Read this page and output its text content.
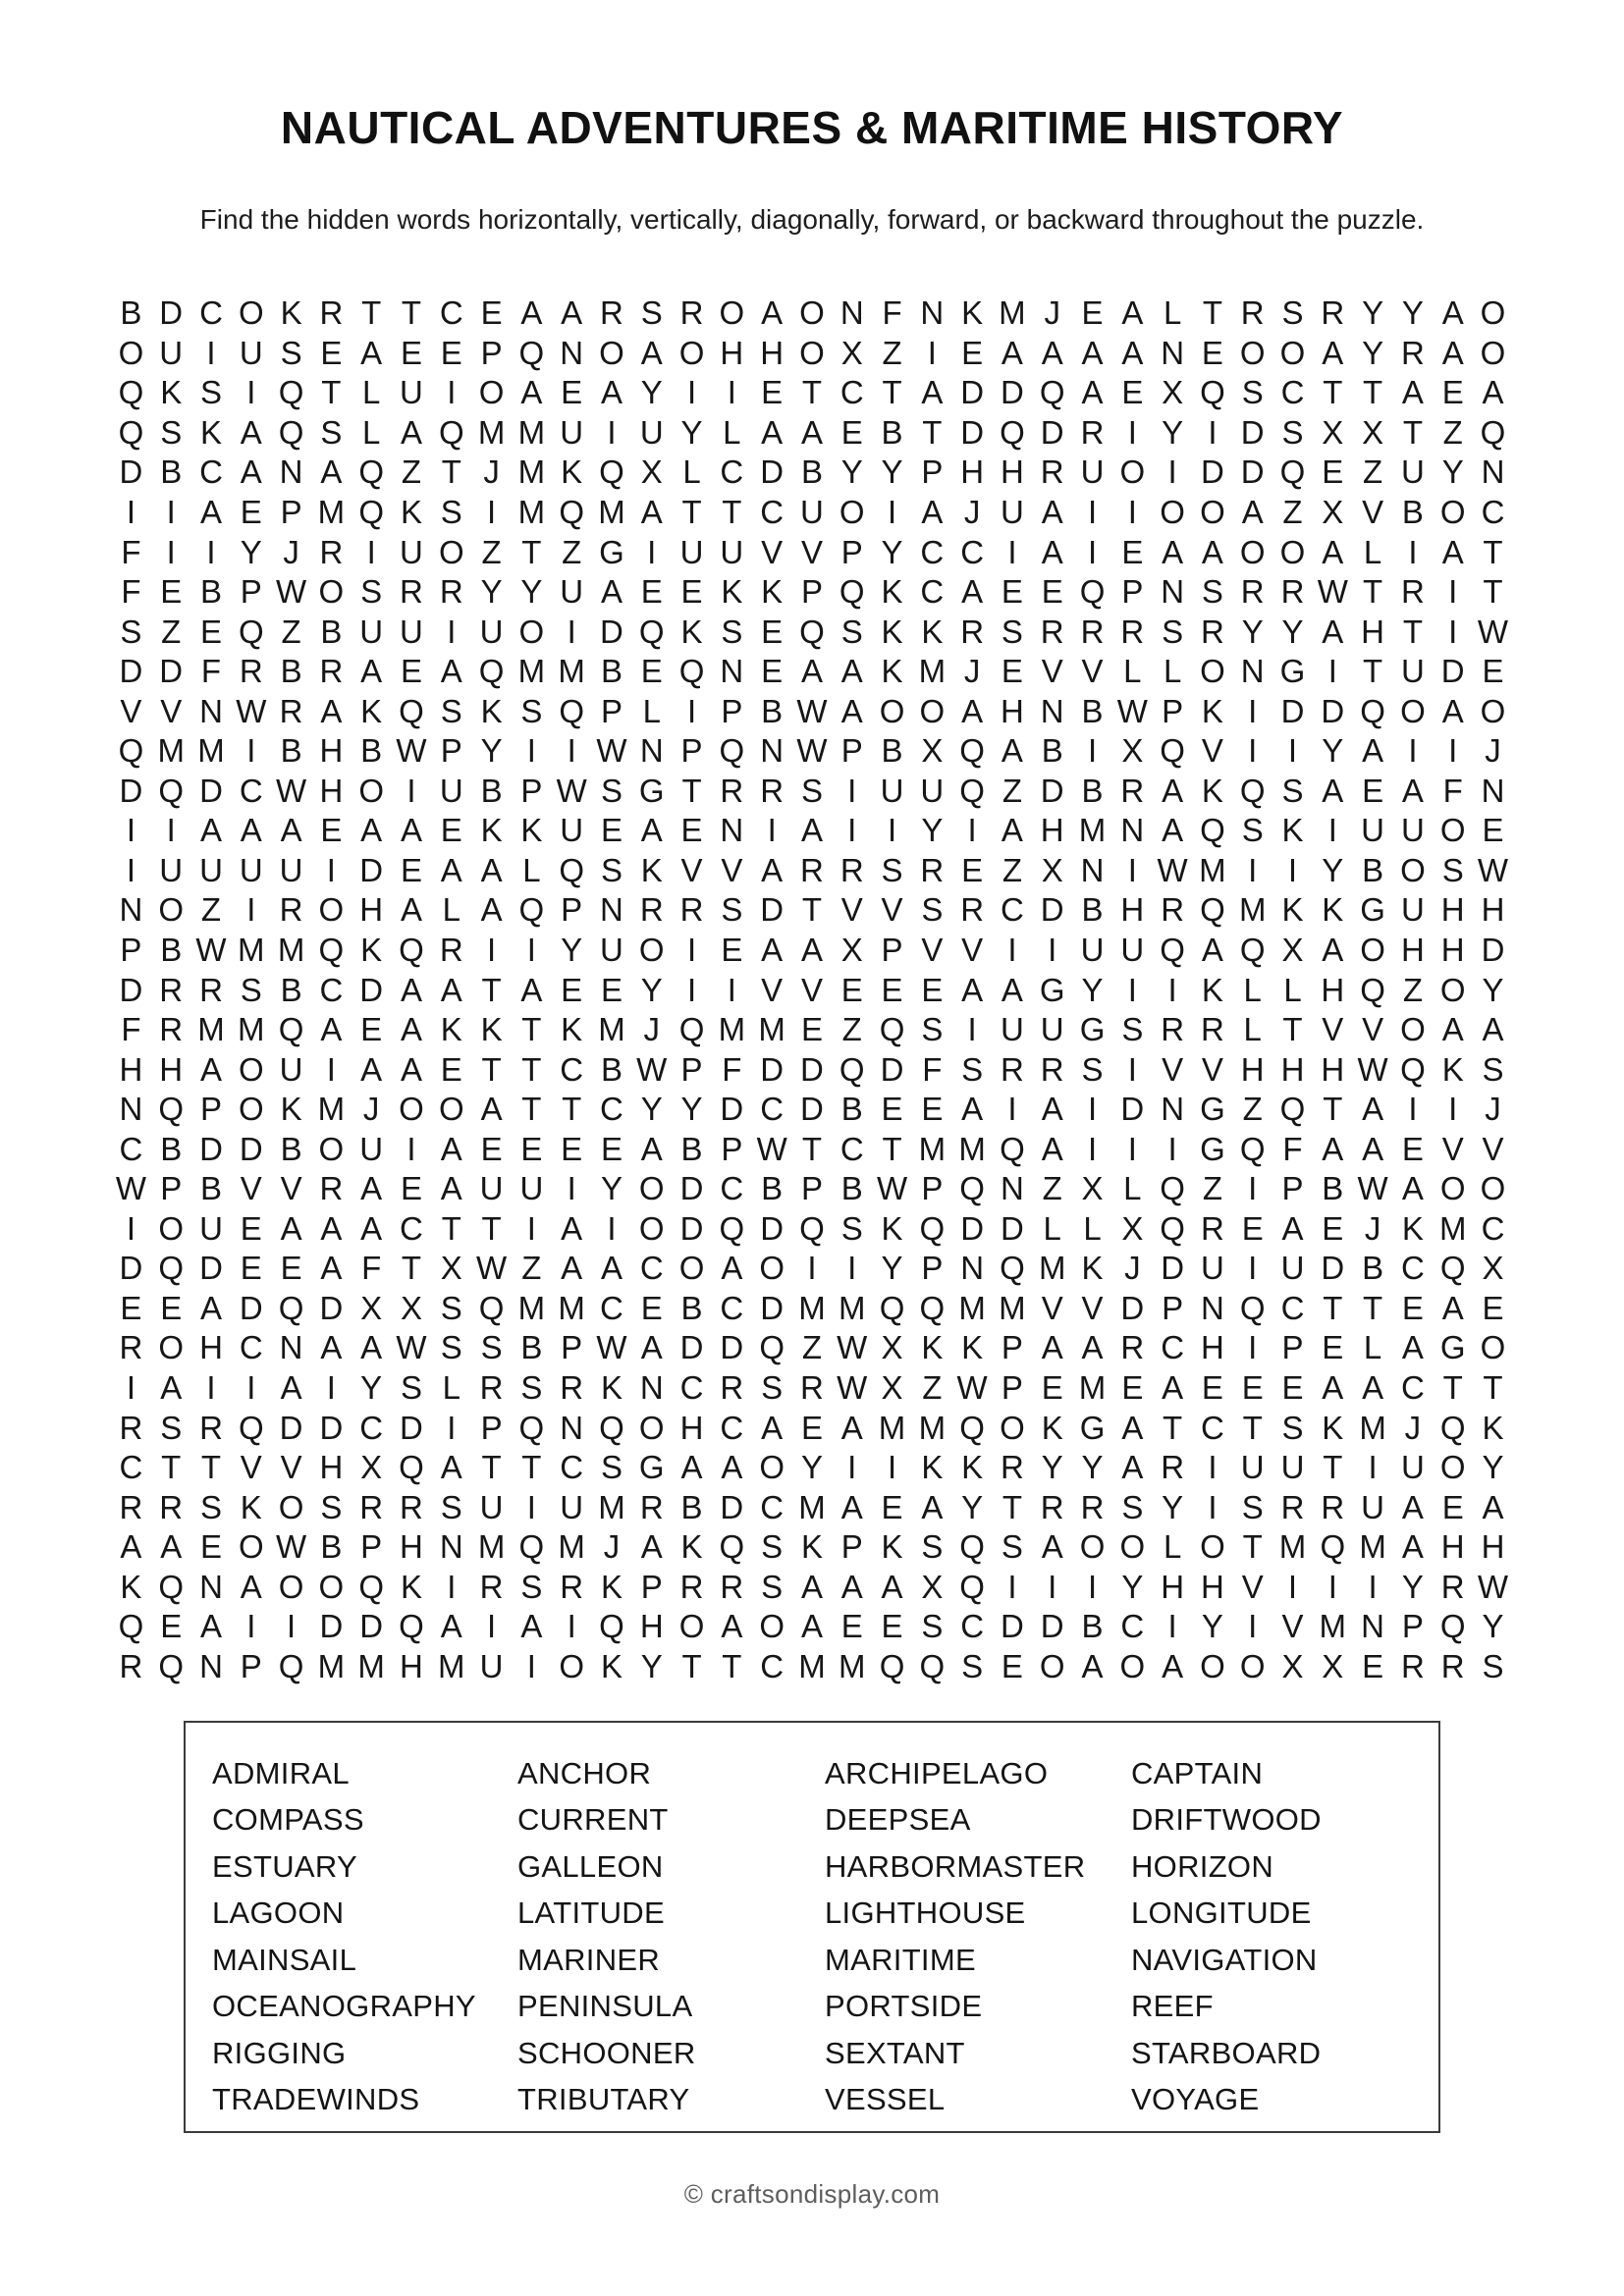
NAUTICAL ADVENTURES & MARITIME HISTORY

Find the hidden words horizontally, vertically, diagonally, forward, or backward throughout the puzzle.

B D C O K R T T C E A A R S R O A O N F N K M J E A L T R S R Y Y A O
O U I U S E A E E P Q N O A O H H O X Z I E A A A A N E O O A Y R A O
Q K S I Q T L U I O A E A Y I I E T C T A D D Q A E X Q S C T T A E A
Q S K A Q S L A Q M M U I U Y L A A E B T D Q D R I Y I D S X X T Z Q
D B C A N A Q Z T J M K Q X L C D B Y Y P H H R U O I D D Q E Z U Y N
I I A E P M Q K S I M Q M A T T C U O I A J U A I I O O A Z X V B O C
F I I Y J R I U O Z T Z G I U U V V P Y C C I A I E A A O O A L I A T
F E B P W O S R R Y Y U A E E K K P Q K C A E E Q P N S R R W T R I T
S Z E Q Z B U U I U O I D Q K S E Q S K K R S R R R S R Y Y A H T I W
D D F R B R A E A Q M M B E Q N E A A K M J E V V L L O N G I T U D E
V V N W R A K Q S K S Q P L I P B W A O O A H N B W P K I D D Q O A O
Q M M I B H B W P Y I I W N P Q N W P B X Q A B I X Q V I I Y A I I J
D Q D C W H O I U B P W S G T R R S I U U Q Z D B R A K Q S A E A F N
I I A A A E A A E K K U E A E N I A I I Y I A H M N A Q S K I U U O E
I U U U U I D E A A L Q S K V V A R R S R E Z X N I W M I I Y B O S W
N O Z I R O H A L A Q P N R R S D T V V S R C D B H R Q M K K G U H H
P B W M M Q K Q R I I Y U O I E A A X P V V I I U U Q A Q X A O H H D
D R R S B C D A A T A E E Y I I V V E E E A A G Y I I K L L H Q Z O Y
F R M M Q A E A K K T K M J Q M M E Z Q S I U U G S R R L T V V O A A
H H A O U I A A E T T C B W P F D D Q D F S R R S I V V H H H W Q K S
N Q P O K M J O O A T T C Y Y D C D B E E A I A I D N G Z Q T A I I J
C B D D B O U I A E E E E A B P W T C T M M Q A I I I G Q F A A E V V
W P B V V R A E A U U I Y O D C B P B W P Q N Z X L Q Z I P B W A O O
I O U E A A A C T T I A I O D Q D Q S K Q D D L L X Q R E A E J K M C
D Q D E E A F T X W Z A A C O A O I I Y P N Q M K J D U I U D B C Q X
E E A D Q D X X S Q M M C E B C D M M Q Q M M V V D P N Q C T T E A E
R O H C N A A W S S B P W A D D Q Z W X K K P A A R C H I P E L A G O
I A I I A I Y S L R S R K N C R S R W X Z W P E M E A E E E A A C T T
R S R Q D D C D I P Q N Q O H C A E A M M Q O K G A T C T S K M J Q K
C T T V V H X Q A T T C S G A A O Y I I K K R Y Y A R I U U T I U O Y
R R S K O S R R S U I U M R B D C M A E A Y T R R S Y I S R R U A E A
A A E O W B P H N M Q M J A K Q S K P K S Q S A O O L O T M Q M A H H
K Q N A O O Q K I R S R K P R R S A A A X Q I I I Y H H V I I I Y R W
Q E A I I D D Q A I A I Q H O A O A E E S C D D B C I Y I V M N P Q Y
R Q N P Q M M H M U I O K Y T T C M M Q Q S E O A O A O O X X E R R S
ADMIRAL	ANCHOR	ARCHIPELAGO	CAPTAIN
COMPASS	CURRENT	DEEPSEA	DRIFTWOOD
ESTUARY	GALLEON	HARBORMASTER	HORIZON
LAGOON	LATITUDE	LIGHTHOUSE	LONGITUDE
MAINSAIL	MARINER	MARITIME	NAVIGATION
OCEANOGRAPHY	PENINSULA	PORTSIDE	REEF
RIGGING	SCHOONER	SEXTANT	STARBOARD
TRADEWINDS	TRIBUTARY	VESSEL	VOYAGE
© craftsondisplay.com
